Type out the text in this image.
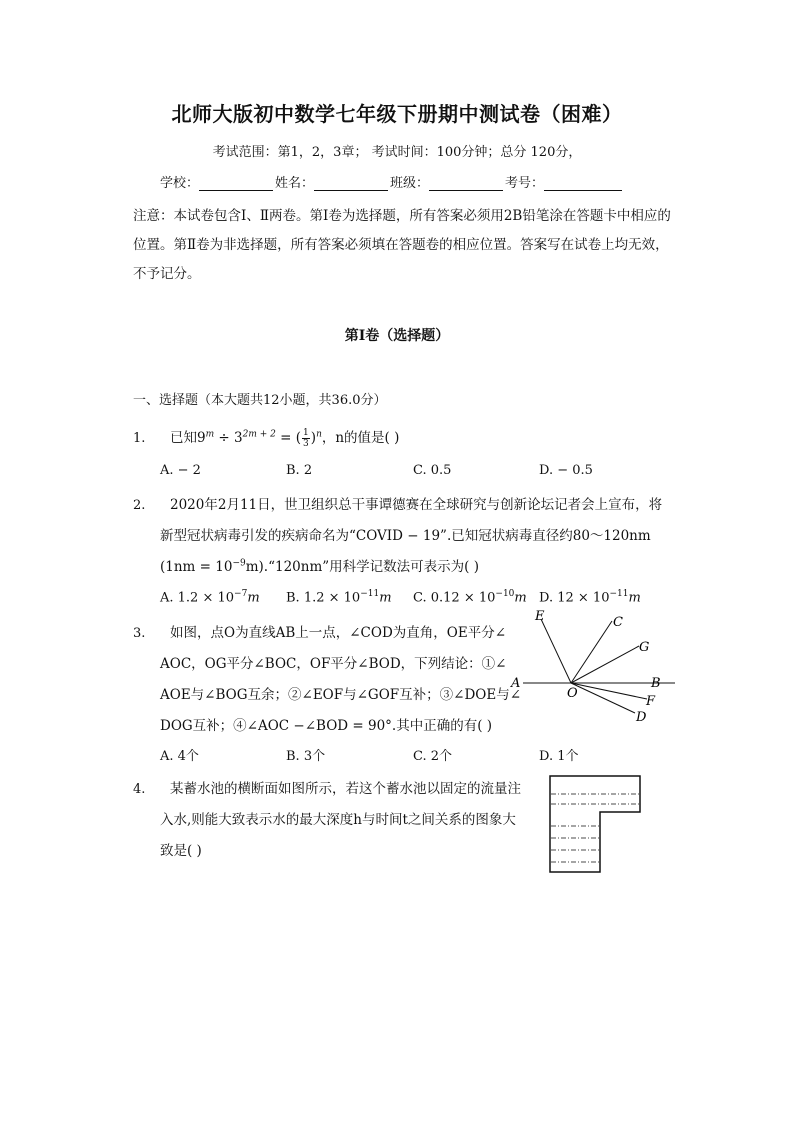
北师大版初中数学七年级下册期中测试卷（困难）
考试范围：第1，2，3章； 考试时间：100分钟；总分 120分，
学校：	姓名：	班级：	考号：
注意：本试卷包含Ⅰ、Ⅱ两卷。第Ⅰ卷为选择题，所有答案必须用2B铅笔涂在答题卡中相应的位置。第Ⅱ卷为非选择题，所有答案必须填在答题卷的相应位置。答案写在试卷上均无效，不予记分。
第Ⅰ卷（选择题）
一、选择题（本大题共12小题，共36.0分）
1. 已知$9^m \div 3^{2m + 2}$ = ( $\frac{1}{3} )^n$，n的值是( )
A. − 2	B. 2	C. 0.5	D. − 0.5
2. 2020年2月11日，世卫组织总干事谭德赛在全球研究与创新论坛记者会上宣布，将
新型冠状病毒引发的疾病命名为“COVID − 19”.已知冠状病毒直径约80～120nm
$(1nm = 10^{-9}m).“120nm$”用科学记数法可表示为( )
A. $1.2 \times 10^{-7}m$ B. $1.2 \times 10^{-11}m$ C. $0.12 \times 10^{-10}m$ D. $12 \times 10^{-11}m$
3. 如图，点O为直线AB上一点，∠COD为直角，OE平分∠
AOC，OG平分∠BOC，OF平分∠BOD，下列结论：①∠
AOE与∠BOG互余；②∠EOF与∠GOF互补；③∠DOE与∠
DOG互补；④∠AOC −∠BOD = 90°.其中正确的有( )
A. 4个	B. 3个	C. 2个	D. 1个
E	C
G
A
O
B
F
D
4. 某蓄水池的横断面如图所示，若这个蓄水池以固定的流量注
入水,则能大致表示水的最大深度h与时间t之间关系的图象大
致是( )
